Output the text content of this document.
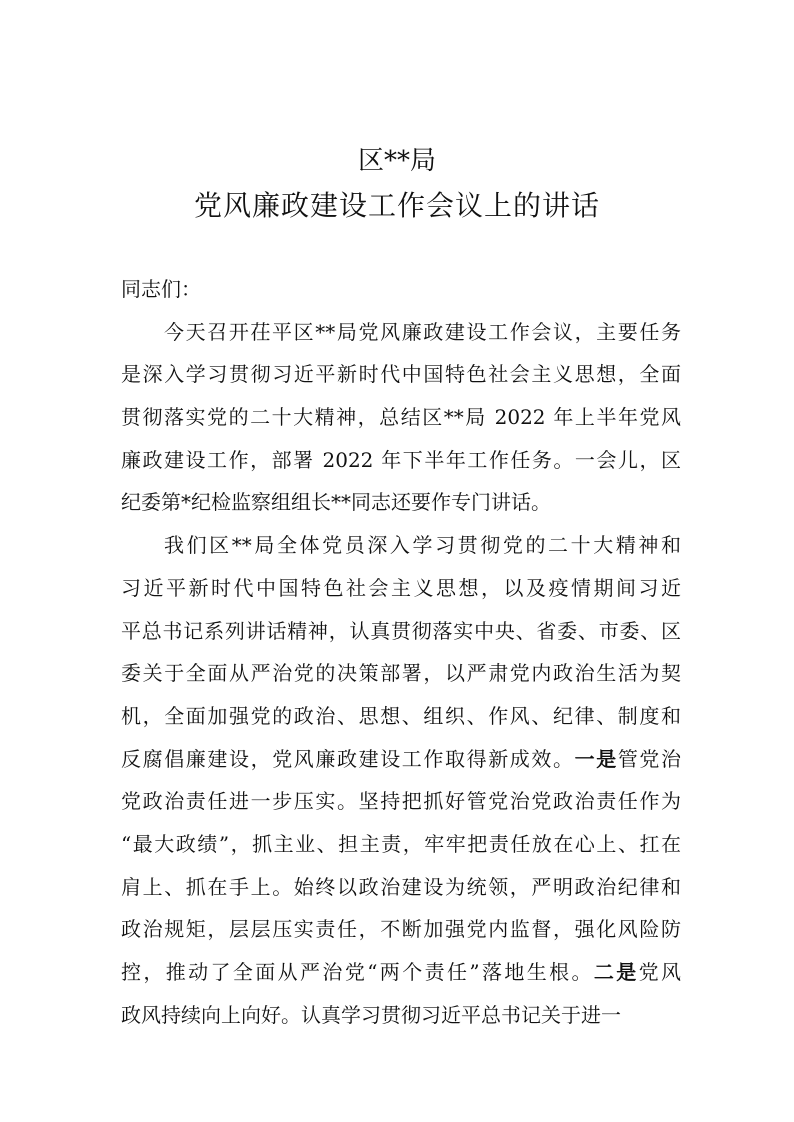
区**局
党风廉政建设工作会议上的讲话
同志们：
今天召开茌平区**局党风廉政建设工作会议，主要任务
是深入学习贯彻习近平新时代中国特色社会主义思想，全面
贯彻落实党的二十大精神，总结区**局 2022 年上半年党风
廉政建设工作，部署 2022 年下半年工作任务。一会儿，区
纪委第*纪检监察组组长**同志还要作专门讲话。
我们区**局全体党员深入学习贯彻党的二十大精神和
习近平新时代中国特色社会主义思想，以及疫情期间习近
平总书记系列讲话精神，认真贯彻落实中央、省委、市委、区
委关于全面从严治党的决策部署，以严肃党内政治生活为契
机，全面加强党的政治、思想、组织、作风、纪律、制度和
反腐倡廉建设，党风廉政建设工作取得新成效。一是管党治
党政治责任进一步压实。坚持把抓好管党治党政治责任作为
“最大政绩”，抓主业、担主责，牢牢把责任放在心上、扛在
肩上、抓在手上。始终以政治建设为统领，严明政治纪律和
政治规矩，层层压实责任，不断加强党内监督，强化风险防
控，推动了全面从严治党“两个责任”落地生根。二是党风
政风持续向上向好。认真学习贯彻习近平总书记关于进一
